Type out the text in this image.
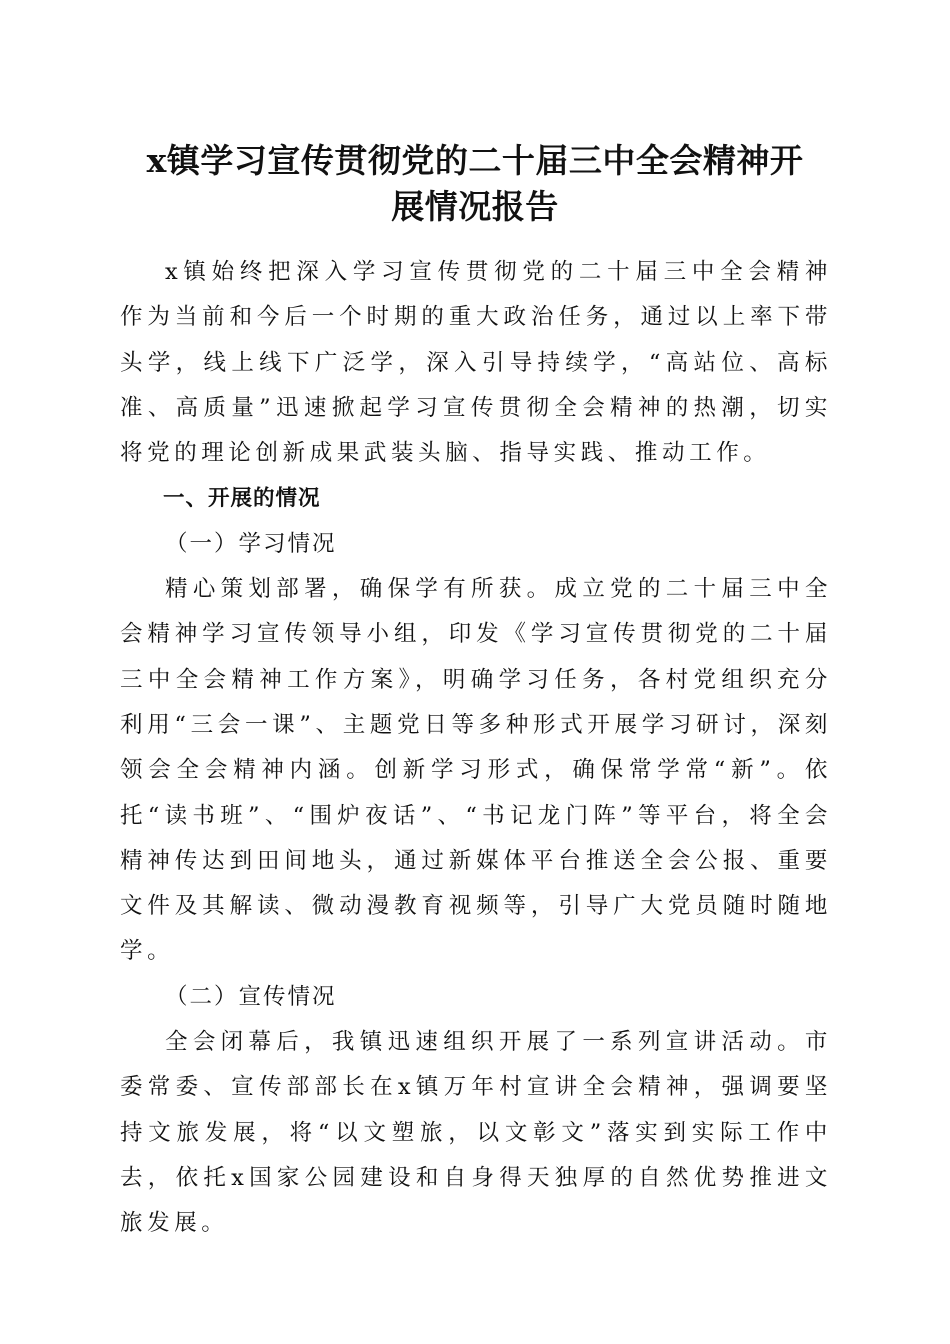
x镇学习宣传贯彻党的二十届三中全会精神开
展情况报告

x镇始终把深入学习宣传贯彻党的二十届三中全会精神作为当前和今后一个时期的重大政治任务，通过以上率下带头学，线上线下广泛学，深入引导持续学，“高站位、高标准、高质量”迅速掀起学习宣传贯彻全会精神的热潮，切实将党的理论创新成果武装头脑、指导实践、推动工作。

一、开展的情况

（一）学习情况

精心策划部署，确保学有所获。成立党的二十届三中全会精神学习宣传领导小组，印发《学习宣传贯彻党的二十届三中全会精神工作方案》，明确学习任务，各村党组织充分利用“三会一课”、主题党日等多种形式开展学习研讨，深刻领会全会精神内涵。创新学习形式，确保常学常“新”。依托“读书班”、“围炉夜话”、“书记龙门阵”等平台，将全会精神传达到田间地头，通过新媒体平台推送全会公报、重要文件及其解读、微动漫教育视频等，引导广大党员随时随地学。

（二）宣传情况

全会闭幕后，我镇迅速组织开展了一系列宣讲活动。市委常委、宣传部部长在x镇万年村宣讲全会精神，强调要坚持文旅发展，将“以文塑旅，以文彰文”落实到实际工作中去，依托x国家公园建设和自身得天独厚的自然优势推进文旅发展。
